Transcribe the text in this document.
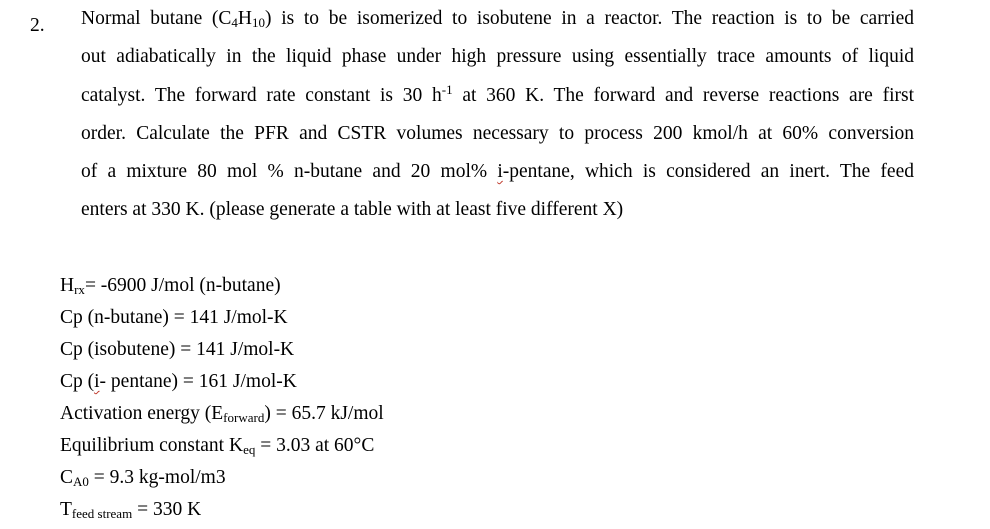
2. Normal butane $(C_4H_{10})$ is to be isomerized to isobutene in a reactor. The reaction is to be carried
out adiabatically in the liquid phase under high pressure using essentially trace amounts of liquid
catalyst. The forward rate constant is 30 $h^{-1}$ at 360 K. The forward and reverse reactions are first
order. Calculate the PFR and CSTR volumes necessary to process 200 kmol/h at 60% conversion
of a mixture 80 mol % n-butane and 20 mol% i-pentane, which is considered an inert. The feed
enters at 330 K. (please generate a table with at least five different X)
$H_{rx}= -6900$ J/mol (n-butane)
Cp (n-butane) = 141 J/mol-K
Cp (isobutene) = 141 J/mol-K
Cp (i- pentane) = 161 J/mol-K
Activation energy $(E_{forward}) = 65.7$ kJ/mol
Equilibrium constant $K_{eq} = 3.03$ at 60°C
$C_{A0} = 9.3$ kg-mol/m3
$T_{feed stream} = 330$ K
